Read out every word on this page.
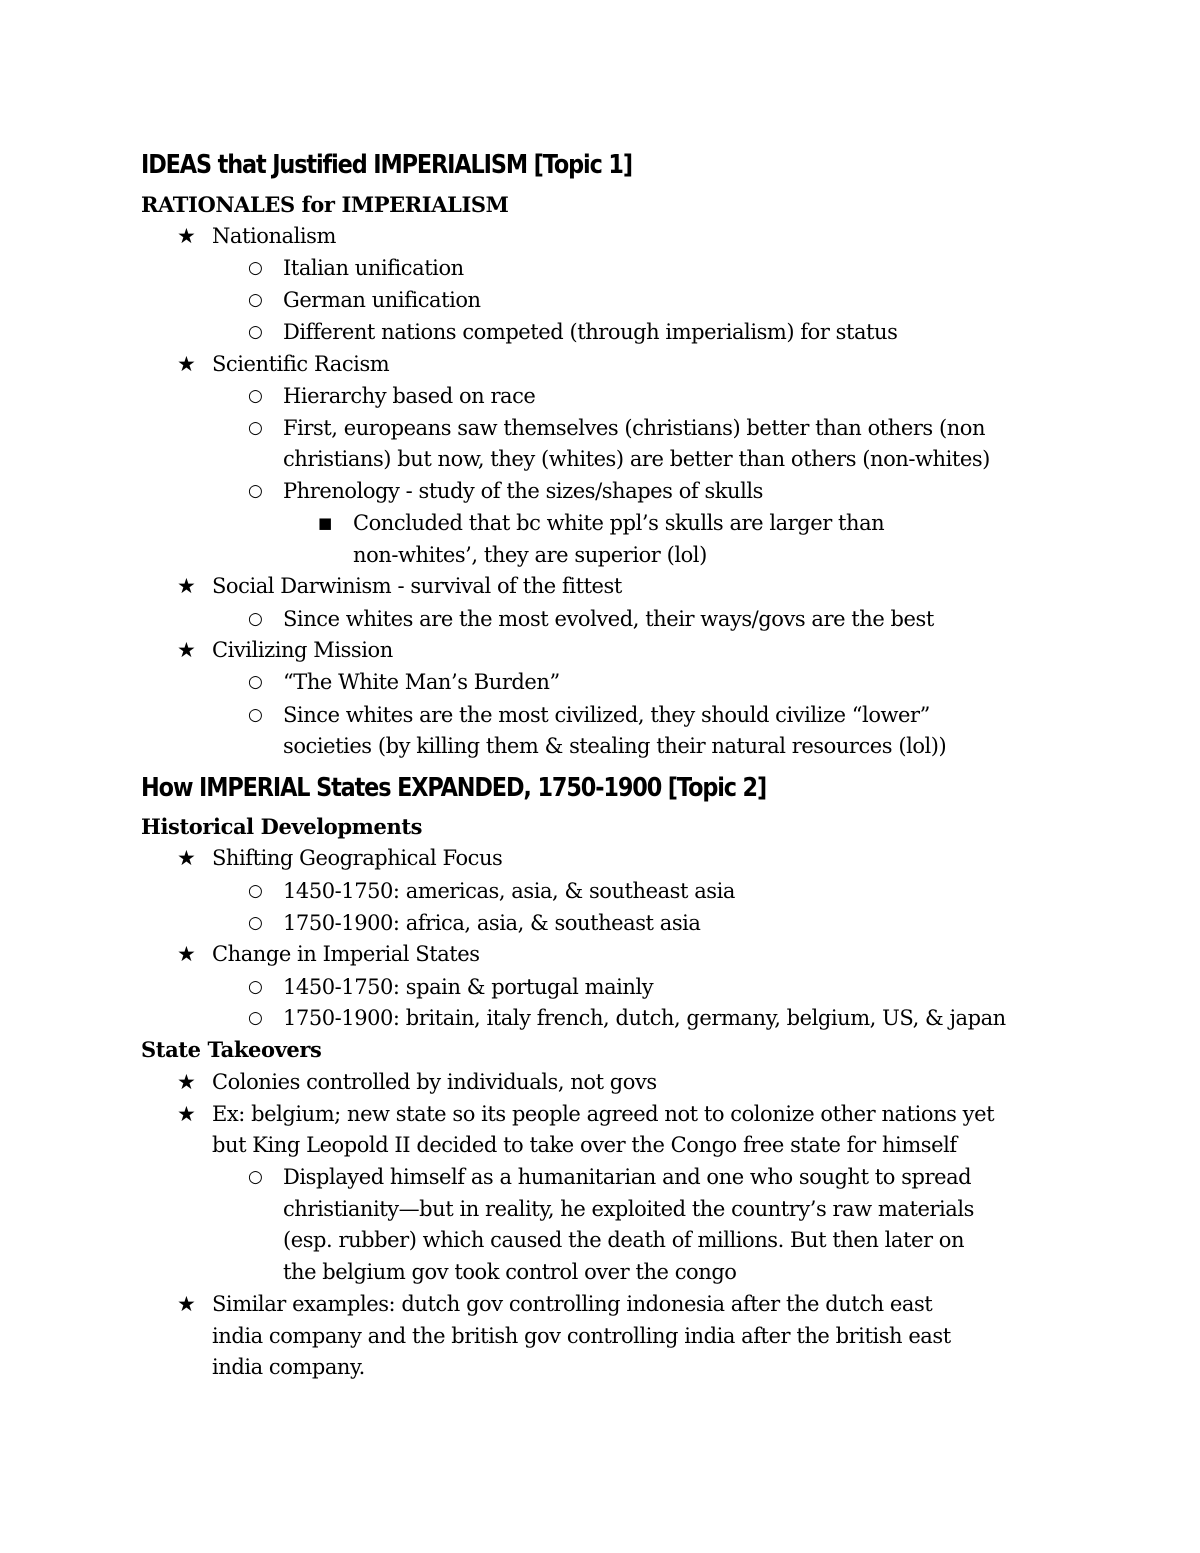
IDEAS that Justified IMPERIALISM [Topic 1]
RATIONALES for IMPERIALISM
★ Nationalism
○ Italian unification
○ German unification
○ Different nations competed (through imperialism) for status
★ Scientific Racism
○ Hierarchy based on race
○ First, europeans saw themselves (christians) better than others (non
christians) but now, they (whites) are better than others (non-whites)
○ Phrenology - study of the sizes/shapes of skulls
■ Concluded that bc white ppl’s skulls are larger than
non-whites’, they are superior (lol)
★ Social Darwinism - survival of the fittest
○ Since whites are the most evolved, their ways/govs are the best
★ Civilizing Mission
○ “The White Man’s Burden”
○ Since whites are the most civilized, they should civilize “lower”
societies (by killing them & stealing their natural resources (lol))
How IMPERIAL States EXPANDED, 1750-1900 [Topic 2]
Historical Developments
★ Shifting Geographical Focus
○ 1450-1750: americas, asia, & southeast asia
○ 1750-1900: africa, asia, & southeast asia
★ Change in Imperial States
○ 1450-1750: spain & portugal mainly
○ 1750-1900: britain, italy french, dutch, germany, belgium, US, & japan
State Takeovers
★ Colonies controlled by individuals, not govs
★ Ex: belgium; new state so its people agreed not to colonize other nations yet
but King Leopold II decided to take over the Congo free state for himself
○ Displayed himself as a humanitarian and one who sought to spread
christianity—but in reality, he exploited the country’s raw materials
(esp. rubber) which caused the death of millions. But then later on
the belgium gov took control over the congo
★ Similar examples: dutch gov controlling indonesia after the dutch east
india company and the british gov controlling india after the british east
india company.
